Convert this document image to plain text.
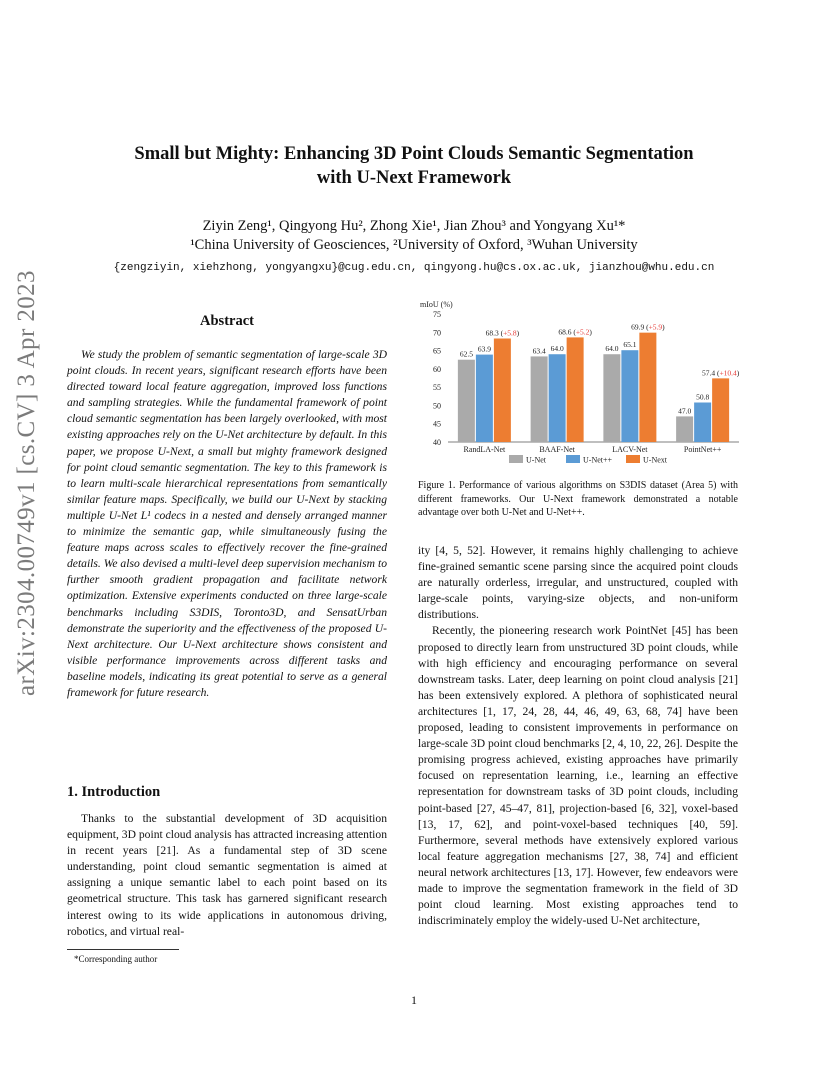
arXiv:2304.00749v1 [cs.CV] 3 Apr 2023
Small but Mighty: Enhancing 3D Point Clouds Semantic Segmentation
with U-Next Framework
Ziyin Zeng¹, Qingyong Hu², Zhong Xie¹, Jian Zhou³ and Yongyang Xu¹*
¹China University of Geosciences, ²University of Oxford, ³Wuhan University
{zengziyin, xiehzhong, yongyangxu}@cug.edu.cn, qingyong.hu@cs.ox.ac.uk, jianzhou@whu.edu.cn
Abstract
We study the problem of semantic segmentation of large-scale 3D point clouds. In recent years, significant research efforts have been directed toward local feature aggregation, improved loss functions and sampling strategies. While the fundamental framework of point cloud semantic segmentation has been largely overlooked, with most existing approaches rely on the U-Net architecture by default. In this paper, we propose U-Next, a small but mighty framework designed for point cloud semantic segmentation. The key to this framework is to learn multi-scale hierarchical representations from semantically similar feature maps. Specifically, we build our U-Next by stacking multiple U-Net L¹ codecs in a nested and densely arranged manner to minimize the semantic gap, while simultaneously fusing the feature maps across scales to effectively recover the fine-grained details. We also devised a multi-level deep supervision mechanism to further smooth gradient propagation and facilitate network optimization. Extensive experiments conducted on three large-scale benchmarks including S3DIS, Toronto3D, and SensatUrban demonstrate the superiority and the effectiveness of the proposed U-Next architecture. Our U-Next architecture shows consistent and visible performance improvements across different tasks and baseline models, indicating its great potential to serve as a general framework for future research.
1. Introduction
Thanks to the substantial development of 3D acquisition equipment, 3D point cloud analysis has attracted increasing attention in recent years [21]. As a fundamental step of 3D scene understanding, point cloud semantic segmentation is aimed at assigning a unique semantic label to each point based on its geometrical structure. This task has garnered significant research interest owing to its wide applications in autonomous driving, robotics, and virtual real-
*Corresponding author
mIoU (%)
40
45
50
55
60
65
70
75
62.5
63.9
68.3 (+5.8)
RandLA-Net
63.4 64.0
68.6 (+5.2)
BAAF-Net
64.0 65.1
69.9 (+5.9)
LACV-Net
47.0
50.8
57.4 (+10.4)
PointNet++
U-Net	U-Net++	U-Next
Figure 1. Performance of various algorithms on S3DIS dataset (Area 5) with different frameworks. Our U-Next framework demonstrated a notable advantage over both U-Net and U-Net++.

ity [4, 5, 52]. However, it remains highly challenging to achieve fine-grained semantic scene parsing since the acquired point clouds are naturally orderless, irregular, and unstructured, coupled with large-scale points, varying-size objects, and non-uniform distributions.

Recently, the pioneering research work PointNet [45] has been proposed to directly learn from unstructured 3D point clouds, while with high efficiency and encouraging performance on several downstream tasks. Later, deep learning on point cloud analysis [21] has been extensively explored. A plethora of sophisticated neural architectures [1, 17, 24, 28, 44, 46, 49, 63, 68, 74] have been proposed, leading to consistent improvements in performance on large-scale 3D point cloud benchmarks [2, 4, 10, 22, 26]. Despite the promising progress achieved, existing approaches have primarily focused on representation learning, i.e., learning an effective representation for downstream tasks of 3D point clouds, including point-based [27, 45–47, 81], projection-based [6, 32], voxel-based [13, 17, 62], and point-voxel-based techniques [40, 59]. Furthermore, several methods have extensively explored various local feature aggregation mechanisms [27, 38, 74] and efficient neural network architectures [13, 17]. However, few endeavors were made to improve the segmentation framework in the field of 3D point cloud learning. Most existing approaches tend to indiscriminately employ the widely-used U-Net architecture,

1
